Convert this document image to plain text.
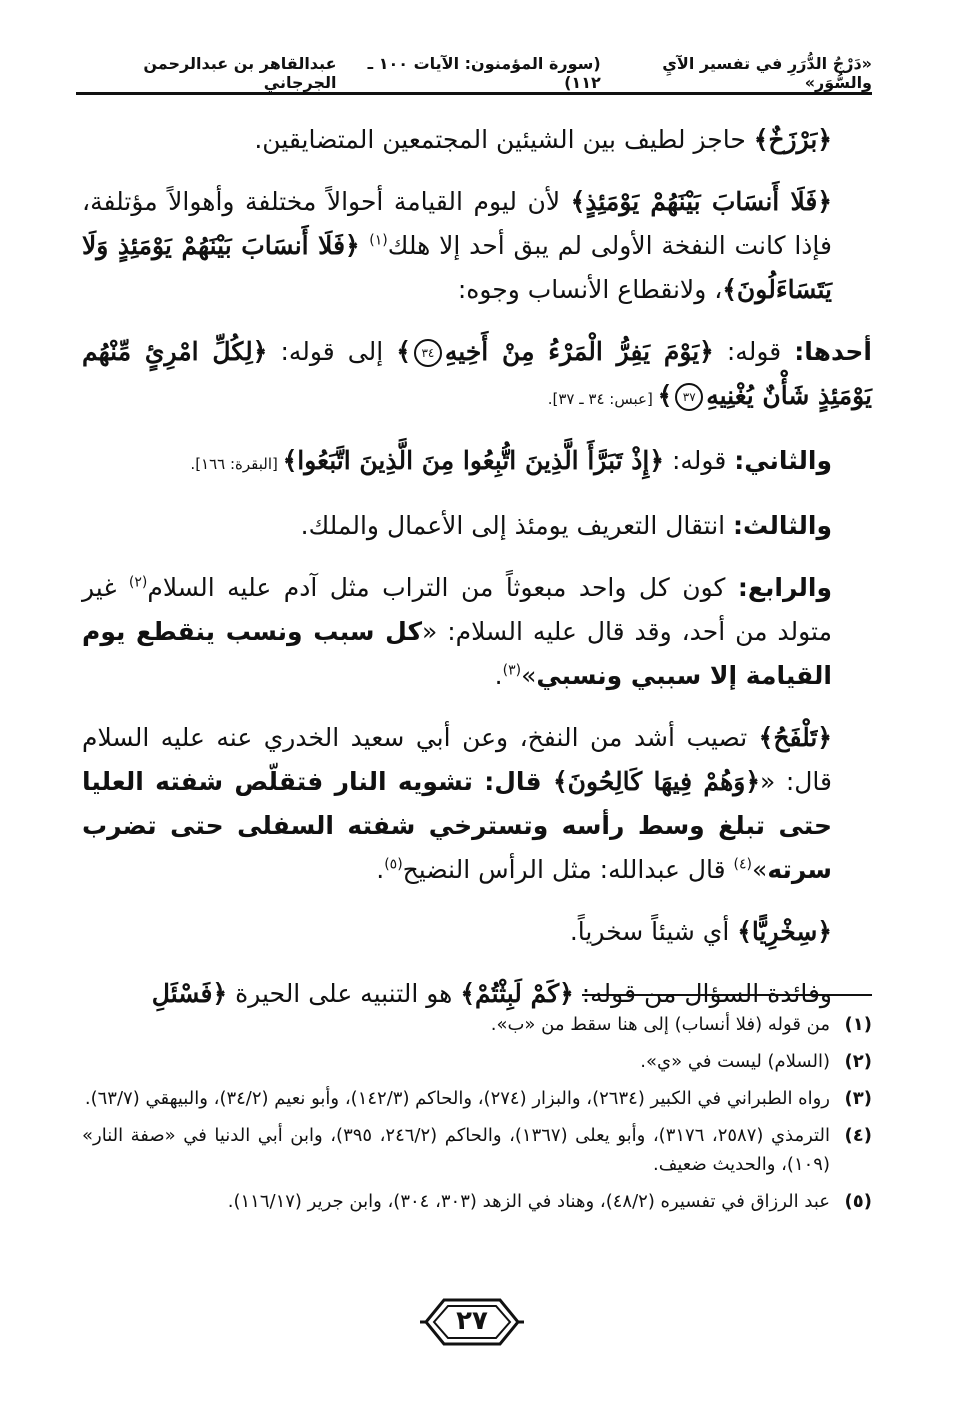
«دَرْجُ الدُّرَرِ في تفسير الآيِ والسُّوَرِ»
(سورة المؤمنون: الآيات ١٠٠ ـ ١١٢)
عبدالقاهر بن عبدالرحمن الجرجاني

﴿بَرْزَخٌ﴾ حاجز لطيف بين الشيئين المجتمعين المتضايقين.

﴿فَلَا أَنسَابَ بَيْنَهُمْ يَوْمَئِذٍ﴾ لأن ليوم القيامة أحوالاً مختلفة وأهوالاً مؤتلفة، فإذا كانت النفخة الأولى لم يبق أحد إلا هلك$^{(١)}$ ﴿فَلَا أَنسَابَ بَيْنَهُمْ يَوْمَئِذٍ وَلَا يَتَسَاءَلُونَ﴾، ولانقطاع الأنساب وجوه:

أحدها: قوله: ﴿يَوْمَ يَفِرُّ الْمَرْءُ مِنْ أَخِيهِ٣٤﴾ إلى قوله: ﴿لِكُلِّ امْرِئٍ مِّنْهُم يَوْمَئِذٍ شَأْنٌ يُغْنِيهِ٣٧﴾ [عبس: ٣٤ ـ ٣٧].

والثاني: قوله: ﴿إِذْ تَبَرَّأَ الَّذِينَ اتُّبِعُوا مِنَ الَّذِينَ اتَّبَعُوا﴾ [البقرة: ١٦٦].

والثالث: انتقال التعريف يومئذ إلى الأعمال والملك.

والرابع: كون كل واحد مبعوثاً من التراب مثل آدم عليه السلام$^{(٢)}$ غير متولد من أحد، وقد قال عليه السلام: «كل سبب ونسب ينقطع يوم القيامة إلا سببي ونسبي»$^{(٣)}$.

﴿تَلْفَحُ﴾ تصيب أشد من النفخ، وعن أبي سعيد الخدري عنه عليه السلام قال: «﴿وَهُمْ فِيهَا كَالِحُونَ﴾ قال: تشويه النار فتقلّص شفته العليا حتى تبلغ وسط رأسه وتسترخي شفته السفلى حتى تضرب سرته»$^{(٤)}$ قال عبدالله: مثل الرأس النضيح$^{(٥)}$.

﴿سِخْرِيًّا﴾ أي شيئاً سخرياً.

وفائدة السؤال من قوله: ﴿كَمْ لَبِثْتُمْ﴾ هو التنبيه على الحيرة ﴿فَسْئَلِ

(١)
من قوله (فلا أنساب) إلى هنا سقط من «ب».
(٢)
(السلام) ليست في «ي».
(٣)
رواه الطبراني في الكبير (٢٦٣٤)، والبزار (٢٧٤)، والحاكم (١٤٢/٣)، وأبو نعيم (٣٤/٢)، والبيهقي (٦٣/٧).
(٤)
الترمذي (٢٥٨٧، ٣١٧٦)، وأبو يعلى (١٣٦٧)، والحاكم (٢٤٦/٢، ٣٩٥)، وابن أبي الدنيا في «صفة النار» (١٠٩)، والحديث ضعيف.
(٥)
عبد الرزاق في تفسيره (٤٨/٢)، وهناد في الزهد (٣٠٣، ٣٠٤)، وابن جرير (١١٦/١٧).
٢٧
